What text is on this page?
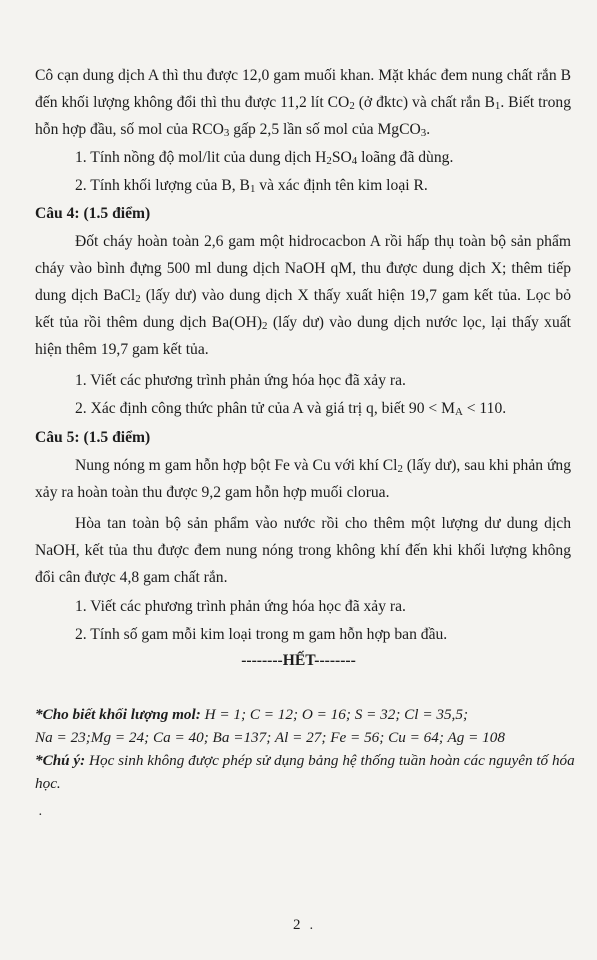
Cô cạn dung dịch A thì thu được 12,0 gam muối khan. Mặt khác đem nung chất rắn B đến khối lượng không đổi thì thu được 11,2 lít $CO_2$ (ở đktc) và chất rắn $B_1$. Biết trong hỗn hợp đầu, số mol của $RCO_3$ gấp 2,5 lần số mol của MgCO$_3$.

1. Tính nồng độ mol/lit của dung dịch $H_2SO_4$ loãng đã dùng.

2. Tính khối lượng của B, $B_1$ và xác định tên kim loại R.

Câu 4: (1.5 điểm)

Đốt cháy hoàn toàn 2,6 gam một hidrocacbon A rồi hấp thụ toàn bộ sản phẩm cháy vào bình đựng 500 ml dung dịch NaOH qM, thu được dung dịch X; thêm tiếp dung dịch BaCl$_2$ (lấy dư) vào dung dịch X thấy xuất hiện 19,7 gam kết tủa. Lọc bỏ kết tủa rồi thêm dung dịch $Ba(OH)_2$ (lấy dư) vào dung dịch nước lọc, lại thấy xuất hiện thêm 19,7 gam kết tủa.

1. Viết các phương trình phản ứng hóa học đã xảy ra.

2. Xác định công thức phân tử của A và giá trị q, biết $90 < M_A < 110$.

Câu 5: (1.5 điểm)

Nung nóng m gam hỗn hợp bột Fe và Cu với khí $Cl_2$ (lấy dư), sau khi phản ứng xảy ra hoàn toàn thu được 9,2 gam hỗn hợp muối clorua.

Hòa tan toàn bộ sản phẩm vào nước rồi cho thêm một lượng dư dung dịch NaOH, kết tủa thu được đem nung nóng trong không khí đến khi khối lượng không đổi cân được 4,8 gam chất rắn.

1. Viết các phương trình phản ứng hóa học đã xảy ra.

2. Tính số gam mỗi kim loại trong m gam hỗn hợp ban đầu.

--------HẾT--------

*Cho biết khối lượng mol: H = 1; C = 12; O = 16; S = 32; Cl = 35,5;
Na = 23;Mg = 24; Ca = 40; Ba =137; Al = 27; Fe = 56; Cu = 64; Ag = 108

*Chú ý: Học sinh không được phép sử dụng bảng hệ thống tuần hoàn các nguyên tố hóa học.

·
·
2
